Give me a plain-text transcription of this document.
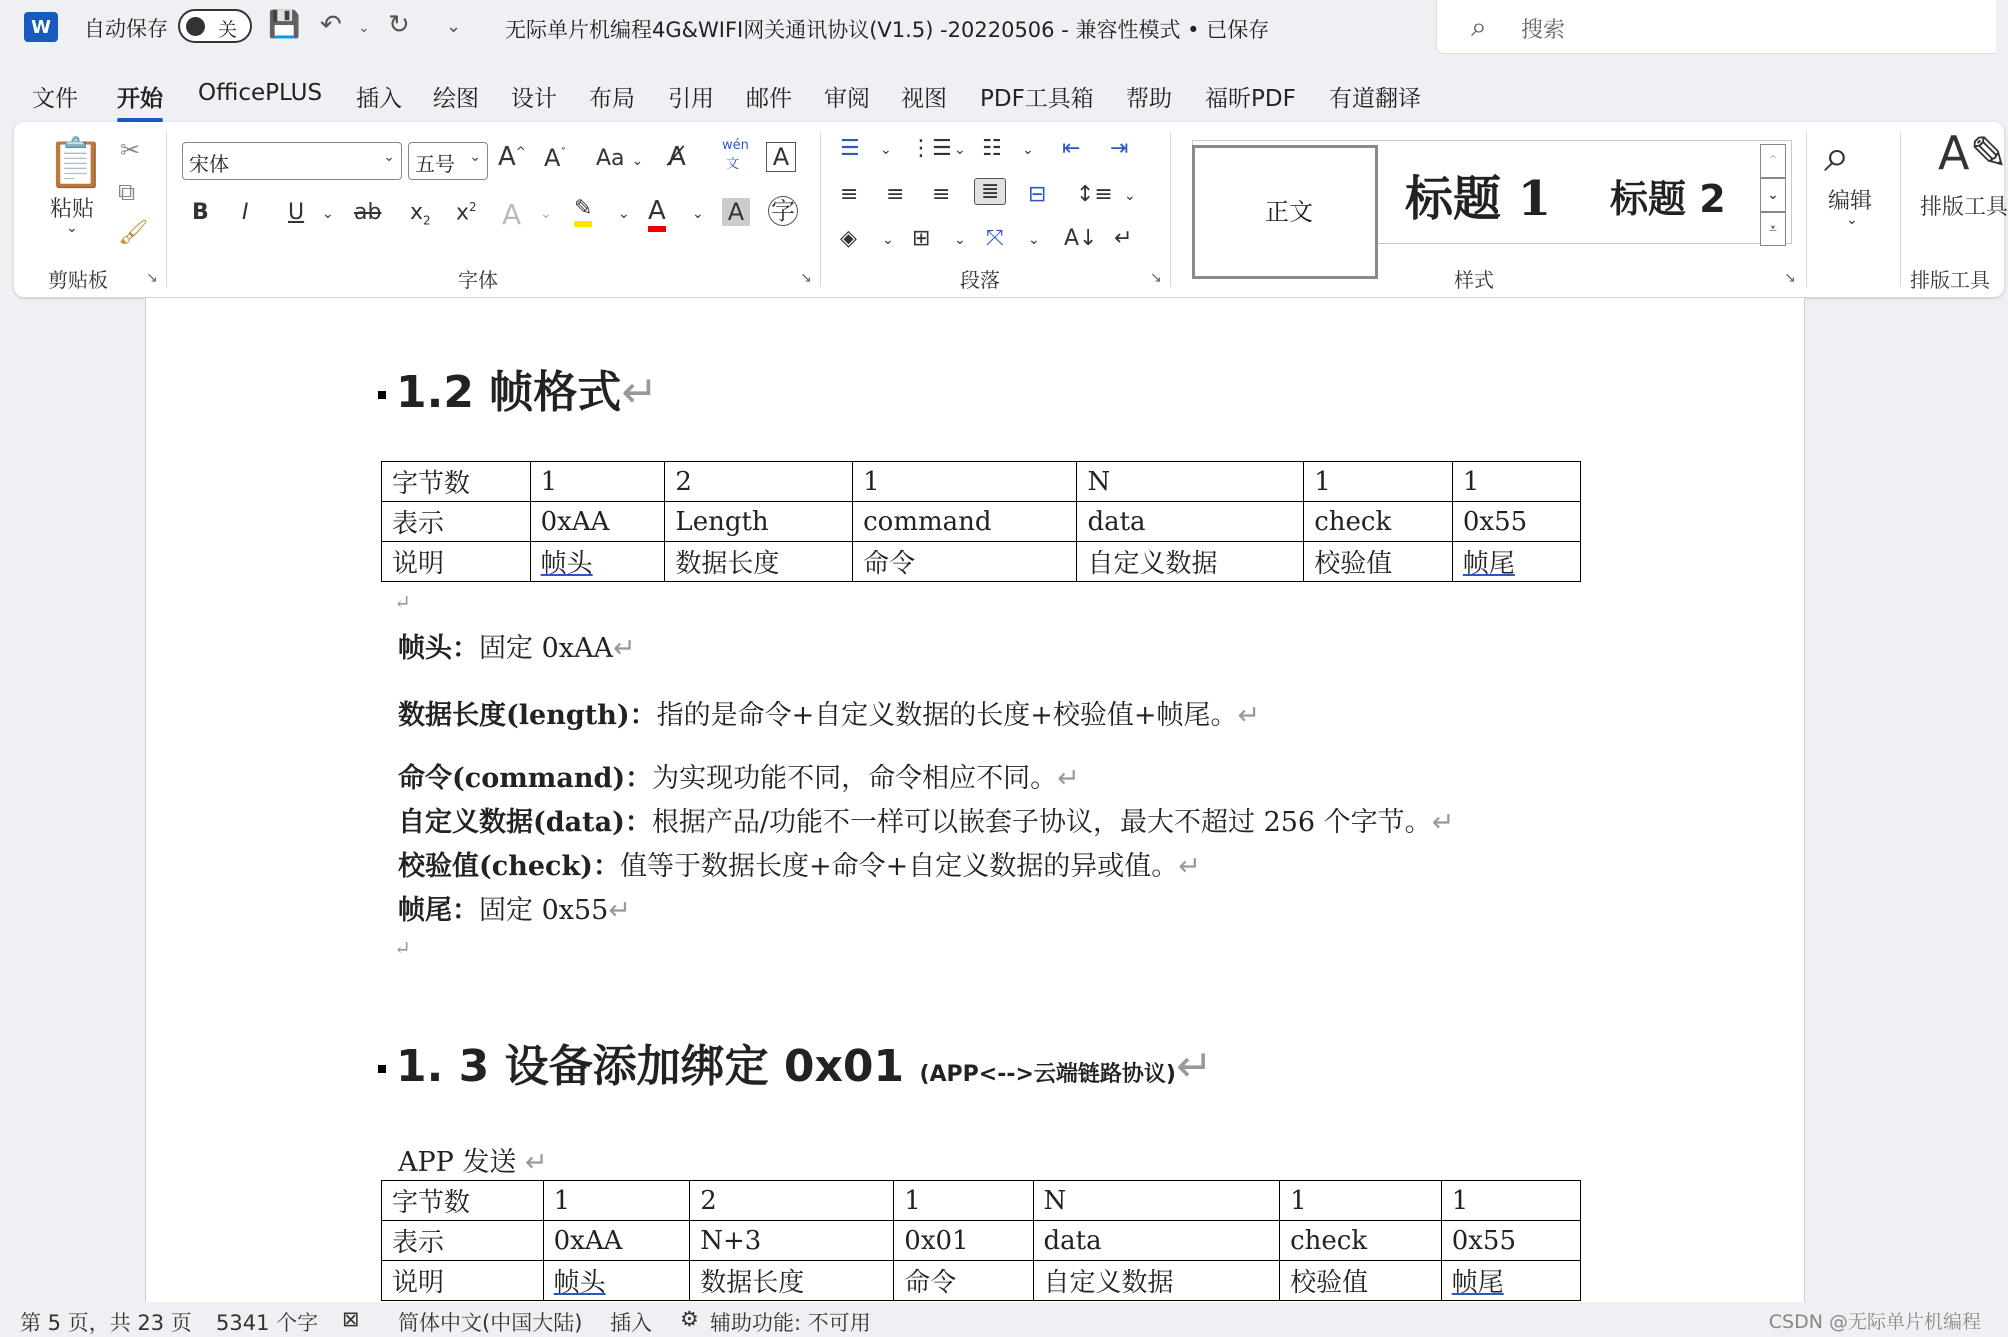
W	自动保存	关 💾 ↶ ⌄ ↻ ⌄ 无际单片机编程4G&WIFI网关通讯协议(V1.5) -20220506 - 兼容性模式 • 已保存	⌕ 搜索
文件 开始 OfficePLUS 插入 绘图 设计 布局 引用 邮件 审阅 视图 PDF工具箱 帮助 福昕PDF 有道翻译
📋
粘贴
⌄
✂
⧉
🖌
剪贴板	↘
宋体	⌄	五号 ⌄ A^ $A^ˇ$ Aa ⌄ A̸	wén
文	A
B I U ⌄ ab $x_2$ $x^2$ A ⌄ ✎ ⌄ A ⌄ A 字
字体	↘
☰ ⌄ ⋮☰ ⌄ ☷ ⌄ ⇤ ⇥
≡ ≡ ≡	≣	⊟ ↕≡ ⌄
◈ ⌄ ⊞ ⌄ ⤧ ⌄ A↓ ↵
段落	↘	样式	↘
⌕
编辑
⌄
A✎
排版工具
排版工具
正文 标题 1 标题 2
⌃
⌄
⩡
1.2 帧格式↵
字节数	1	2	1	N	1	1
表示	0xAA	Length	command	data	check	0x55
说明	帧头	数据长度	命令	自定义数据	校验值	帧尾
↵
帧头：固定 0xAA↵
数据长度(length)：指的是命令+自定义数据的长度+校验值+帧尾。↵
命令(command)：为实现功能不同，命令相应不同。↵
自定义数据(data)：根据产品/功能不一样可以嵌套子协议，最大不超过 256 个字节。↵
校验值(check)：值等于数据长度+命令+自定义数据的异或值。↵
帧尾：固定 0x55↵
↵
1. 3 设备添加绑定 0x01 (APP<-->云端链路协议)↵
APP 发送 ↵
字节数	1	2	1	N	1	1
表示	0xAA	N+3	0x01	data	check	0x55
说明	帧头	数据长度	命令	自定义数据	校验值	帧尾
第 5 页，共 23 页 5341 个字 ⊠ 简体中文(中国大陆) 插入 ⚙ 辅助功能: 不可用	CSDN @无际单片机编程
